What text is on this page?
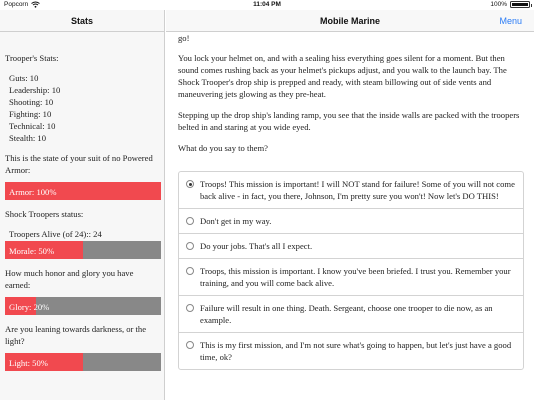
Popcorn	11:04 PM	100%
Stats
Trooper's Stats:
Guts: 10
Leadership: 10
Shooting: 10
Fighting: 10
Technical: 10
Stealth: 10
This is the state of your suit of no Powered Armor:
Armor: 100%
Shock Troopers status:
Troopers Alive (of 24):: 24
Morale: 50%
How much honor and glory you have earned:
Glory: 20%
Are you leaning towards darkness, or the light?
Light: 50%
Mobile Marine	Menu
go!
You lock your helmet on, and with a sealing hiss everything goes silent for a moment. But then sound comes rushing back as your helmet's pickups adjust, and you walk to the launch bay. The Shock Trooper's drop ship is prepped and ready, with steam billowing out of side vents and maneuvering jets glowing as they pre-heat.
Stepping up the drop ship's landing ramp, you see that the inside walls are packed with the troopers belted in and staring at you wide eyed.
What do you say to them?
Troops! This mission is important! I will NOT stand for failure! Some of you will not come back alive - in fact, you there, Johnson, I'm pretty sure you won't! Now let's DO THIS!
Don't get in my way.
Do your jobs. That's all I expect.
Troops, this mission is important. I know you've been briefed. I trust you. Remember your training, and you will come back alive.
Failure will result in one thing. Death. Sergeant, choose one trooper to die now, as an example.
This is my first mission, and I'm not sure what's going to happen, but let's just have a good time, ok?
